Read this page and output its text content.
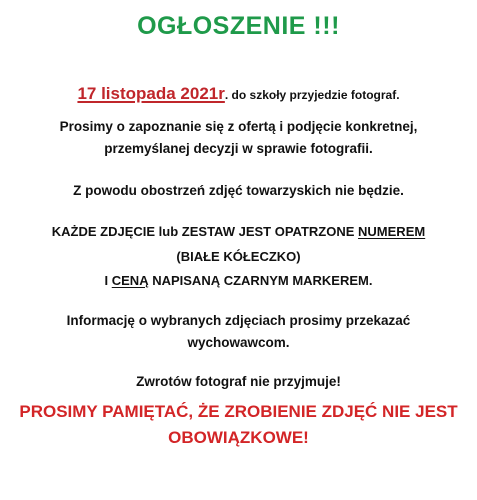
OGŁOSZENIE !!!
17 listopada 2021r. do szkoły przyjedzie fotograf.
Prosimy o zapoznanie się z ofertą i podjęcie konkretnej,
przemyślanej decyzji w sprawie fotografii.
Z powodu obostrzeń zdjęć towarzyskich nie będzie.
KAŻDE ZDJĘCIE lub ZESTAW JEST OPATRZONE NUMEREM
(BIAŁE KÓŁECZKO)
I CENĄ NAPISANĄ CZARNYM MARKEREM.
Informację o wybranych zdjęciach prosimy przekazać
wychowawcom.
Zwrotów fotograf nie przyjmuje!
PROSIMY PAMIĘTAĆ, ŻE ZROBIENIE ZDJĘĆ NIE JEST
OBOWIĄZKOWE!
